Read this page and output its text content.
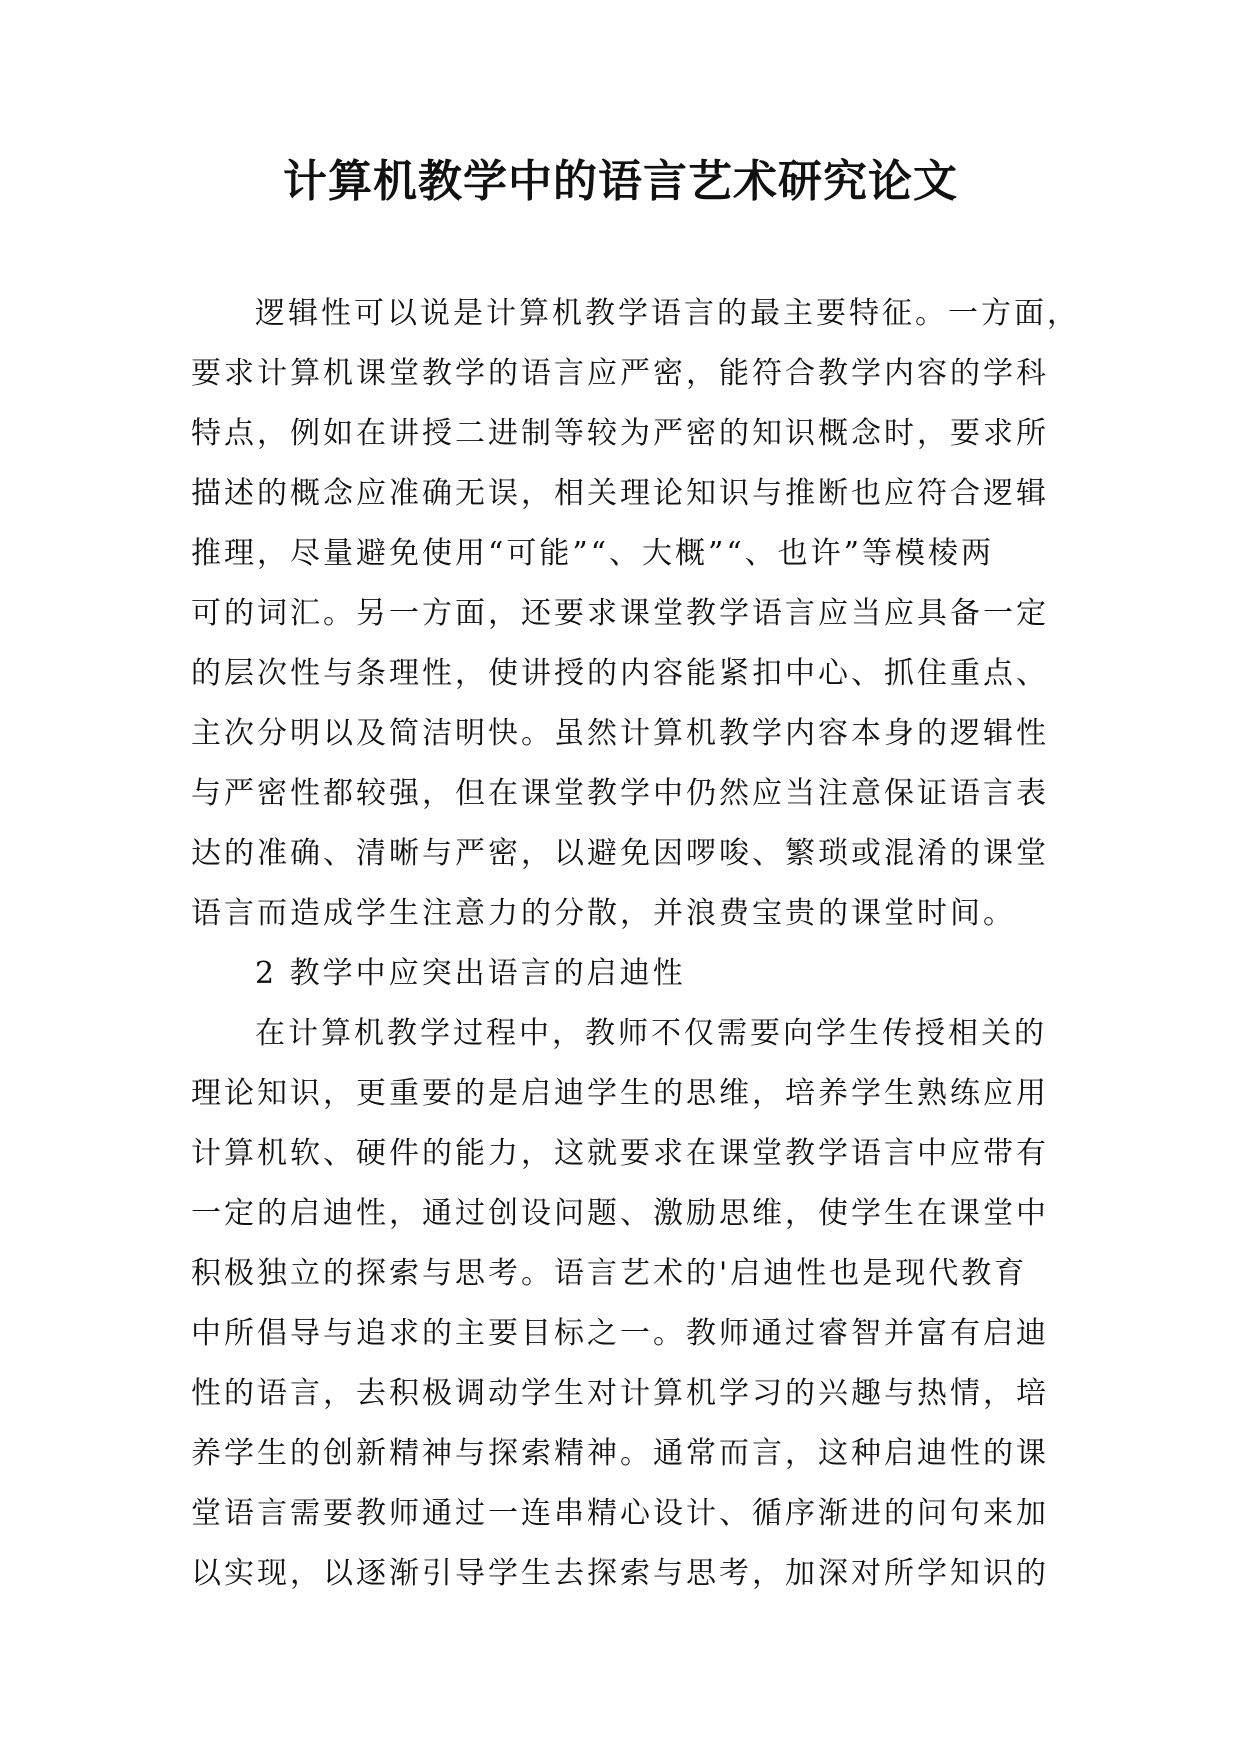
计算机教学中的语言艺术研究论文
逻辑性可以说是计算机教学语言的最主要特征。一方面，
要求计算机课堂教学的语言应严密，能符合教学内容的学科
特点，例如在讲授二进制等较为严密的知识概念时，要求所
描述的概念应准确无误，相关理论知识与推断也应符合逻辑
推理，尽量避免使用“可能”“、大概”“、也许”等模棱两
可的词汇。另一方面，还要求课堂教学语言应当应具备一定
的层次性与条理性，使讲授的内容能紧扣中心、抓住重点、
主次分明以及简洁明快。虽然计算机教学内容本身的逻辑性
与严密性都较强，但在课堂教学中仍然应当注意保证语言表
达的准确、清晰与严密，以避免因啰唆、繁琐或混淆的课堂
语言而造成学生注意力的分散，并浪费宝贵的课堂时间。
2 教学中应突出语言的启迪性
在计算机教学过程中，教师不仅需要向学生传授相关的
理论知识，更重要的是启迪学生的思维，培养学生熟练应用
计算机软、硬件的能力，这就要求在课堂教学语言中应带有
一定的启迪性，通过创设问题、激励思维，使学生在课堂中
积极独立的探索与思考。语言艺术的'启迪性也是现代教育
中所倡导与追求的主要目标之一。教师通过睿智并富有启迪
性的语言，去积极调动学生对计算机学习的兴趣与热情，培
养学生的创新精神与探索精神。通常而言，这种启迪性的课
堂语言需要教师通过一连串精心设计、循序渐进的问句来加
以实现，以逐渐引导学生去探索与思考，加深对所学知识的
